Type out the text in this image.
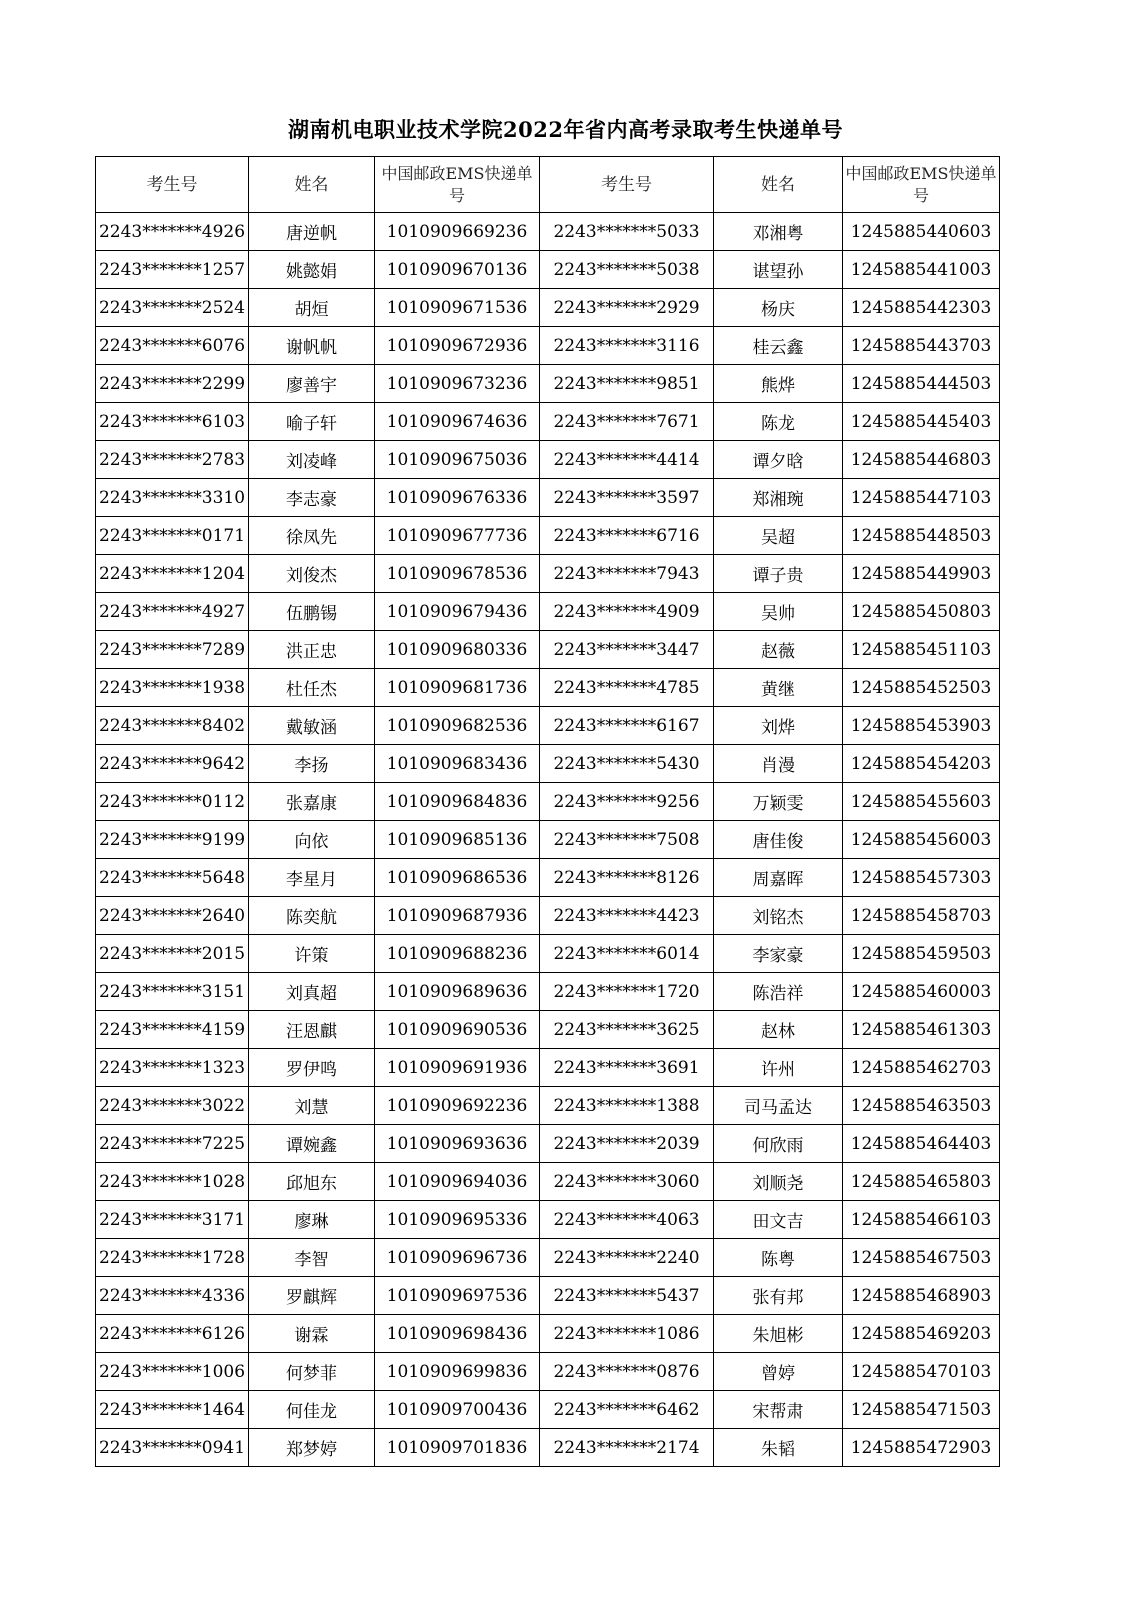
湖南机电职业技术学院2022年省内高考录取考生快递单号
考生号	姓名	中国邮政EMS快递单号	考生号	姓名	中国邮政EMS快递单号
2243*******4926	唐逆帆	1010909669236	2243*******5033	邓湘粤	1245885440603
2243*******1257	姚懿娟	1010909670136	2243*******5038	谌望孙	1245885441003
2243*******2524	胡烜	1010909671536	2243*******2929	杨庆	1245885442303
2243*******6076	谢帆帆	1010909672936	2243*******3116	桂云鑫	1245885443703
2243*******2299	廖善宇	1010909673236	2243*******9851	熊烨	1245885444503
2243*******6103	喻子轩	1010909674636	2243*******7671	陈龙	1245885445403
2243*******2783	刘凌峰	1010909675036	2243*******4414	谭夕晗	1245885446803
2243*******3310	李志豪	1010909676336	2243*******3597	郑湘琬	1245885447103
2243*******0171	徐凤先	1010909677736	2243*******6716	吴超	1245885448503
2243*******1204	刘俊杰	1010909678536	2243*******7943	谭子贵	1245885449903
2243*******4927	伍鹏锡	1010909679436	2243*******4909	吴帅	1245885450803
2243*******7289	洪正忠	1010909680336	2243*******3447	赵薇	1245885451103
2243*******1938	杜任杰	1010909681736	2243*******4785	黄继	1245885452503
2243*******8402	戴敏涵	1010909682536	2243*******6167	刘烨	1245885453903
2243*******9642	李扬	1010909683436	2243*******5430	肖漫	1245885454203
2243*******0112	张嘉康	1010909684836	2243*******9256	万颖雯	1245885455603
2243*******9199	向依	1010909685136	2243*******7508	唐佳俊	1245885456003
2243*******5648	李星月	1010909686536	2243*******8126	周嘉晖	1245885457303
2243*******2640	陈奕航	1010909687936	2243*******4423	刘铭杰	1245885458703
2243*******2015	许策	1010909688236	2243*******6014	李家豪	1245885459503
2243*******3151	刘真超	1010909689636	2243*******1720	陈浩祥	1245885460003
2243*******4159	汪恩麒	1010909690536	2243*******3625	赵林	1245885461303
2243*******1323	罗伊鸣	1010909691936	2243*******3691	许州	1245885462703
2243*******3022	刘慧	1010909692236	2243*******1388	司马孟达	1245885463503
2243*******7225	谭婉鑫	1010909693636	2243*******2039	何欣雨	1245885464403
2243*******1028	邱旭东	1010909694036	2243*******3060	刘顺尧	1245885465803
2243*******3171	廖琳	1010909695336	2243*******4063	田文吉	1245885466103
2243*******1728	李智	1010909696736	2243*******2240	陈粤	1245885467503
2243*******4336	罗麒辉	1010909697536	2243*******5437	张有邦	1245885468903
2243*******6126	谢霖	1010909698436	2243*******1086	朱旭彬	1245885469203
2243*******1006	何梦菲	1010909699836	2243*******0876	曾婷	1245885470103
2243*******1464	何佳龙	1010909700436	2243*******6462	宋帮肃	1245885471503
2243*******0941	郑梦婷	1010909701836	2243*******2174	朱韬	1245885472903
